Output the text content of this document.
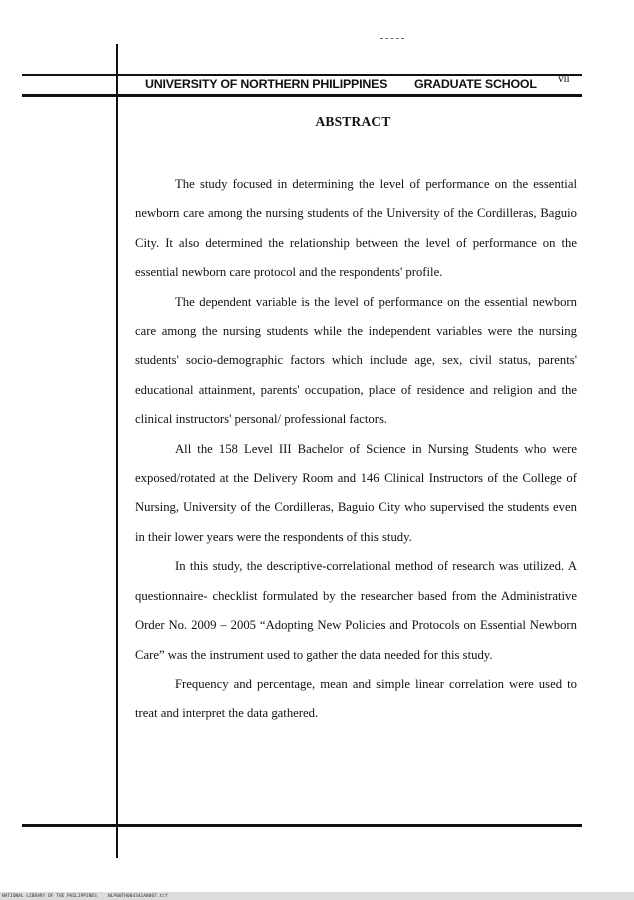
UNIVERSITY OF NORTHERN PHILIPPINES GRADUATE SCHOOL vii
ABSTRACT

The study focused in determining the level of performance on the essential newborn care among the nursing students of the University of the Cordilleras, Baguio City. It also determined the relationship between the level of performance on the essential newborn care protocol and the respondents' profile.

The dependent variable is the level of performance on the essential newborn care among the nursing students while the independent variables were the nursing students' socio-demographic factors which include age, sex, civil status, parents' educational attainment, parents' occupation, place of residence and religion and the clinical instructors' personal/ professional factors.

All the 158 Level III Bachelor of Science in Nursing Students who were exposed/rotated at the Delivery Room and 146 Clinical Instructors of the College of Nursing, University of the Cordilleras, Baguio City who supervised the students even in their lower years were the respondents of this study.

In this study, the descriptive-correlational method of research was utilized. A questionnaire- checklist formulated by the researcher based from the Administrative Order No. 2009 – 2005 “Adopting New Policies and Protocols on Essential Newborn Care” was the instrument used to gather the data needed for this study.

Frequency and percentage, mean and simple linear correlation were used to treat and interpret the data gathered.

NATIONAL LIBRARY OF THE PHILIPPINES NLP00TH004341A0007.tif
